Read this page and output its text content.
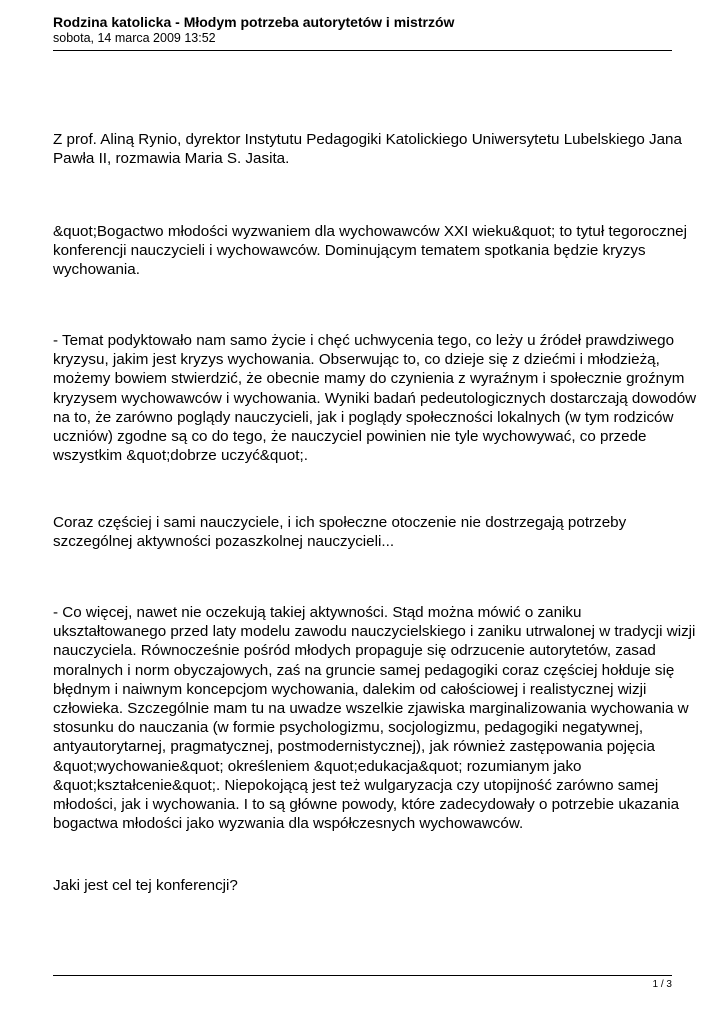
Rodzina katolicka - Młodym potrzeba autorytetów i mistrzów
sobota, 14 marca 2009 13:52
Z prof. Aliną Rynio, dyrektor Instytutu Pedagogiki Katolickiego Uniwersytetu Lubelskiego Jana
Pawła II, rozmawia Maria S. Jasita.
&quot;Bogactwo młodości wyzwaniem dla wychowawców XXI wieku&quot; to tytuł tegorocznej
konferencji nauczycieli i wychowawców. Dominującym tematem spotkania będzie kryzys
wychowania.
- Temat podyktowało nam samo życie i chęć uchwycenia tego, co leży u źródeł prawdziwego
kryzysu, jakim jest kryzys wychowania. Obserwując to, co dzieje się z dziećmi i młodzieżą,
możemy bowiem stwierdzić, że obecnie mamy do czynienia z wyraźnym i społecznie groźnym
kryzysem wychowawców i wychowania. Wyniki badań pedeutologicznych dostarczają dowodów
na to, że zarówno poglądy nauczycieli, jak i poglądy społeczności lokalnych (w tym rodziców
uczniów) zgodne są co do tego, że nauczyciel powinien nie tyle wychowywać, co przede
wszystkim &quot;dobrze uczyć&quot;.
Coraz częściej i sami nauczyciele, i ich społeczne otoczenie nie dostrzegają potrzeby
szczególnej aktywności pozaszkolnej nauczycieli...
- Co więcej, nawet nie oczekują takiej aktywności. Stąd można mówić o zaniku
ukształtowanego przed laty modelu zawodu nauczycielskiego i zaniku utrwalonej w tradycji wizji
nauczyciela. Równocześnie pośród młodych propaguje się odrzucenie autorytetów, zasad
moralnych i norm obyczajowych, zaś na gruncie samej pedagogiki coraz częściej hołduje się
błędnym i naiwnym koncepcjom wychowania, dalekim od całościowej i realistycznej wizji
człowieka. Szczególnie mam tu na uwadze wszelkie zjawiska marginalizowania wychowania w
stosunku do nauczania (w formie psychologizmu, socjologizmu, pedagogiki negatywnej,
antyautorytarnej, pragmatycznej, postmodernistycznej), jak również zastępowania pojęcia
&quot;wychowanie&quot; określeniem &quot;edukacja&quot; rozumianym jako
&quot;kształcenie&quot;. Niepokojącą jest też wulgaryzacja czy utopijność zarówno samej
młodości, jak i wychowania. I to są główne powody, które zadecydowały o potrzebie ukazania
bogactwa młodości jako wyzwania dla współczesnych wychowawców.
Jaki jest cel tej konferencji?
1 / 3
